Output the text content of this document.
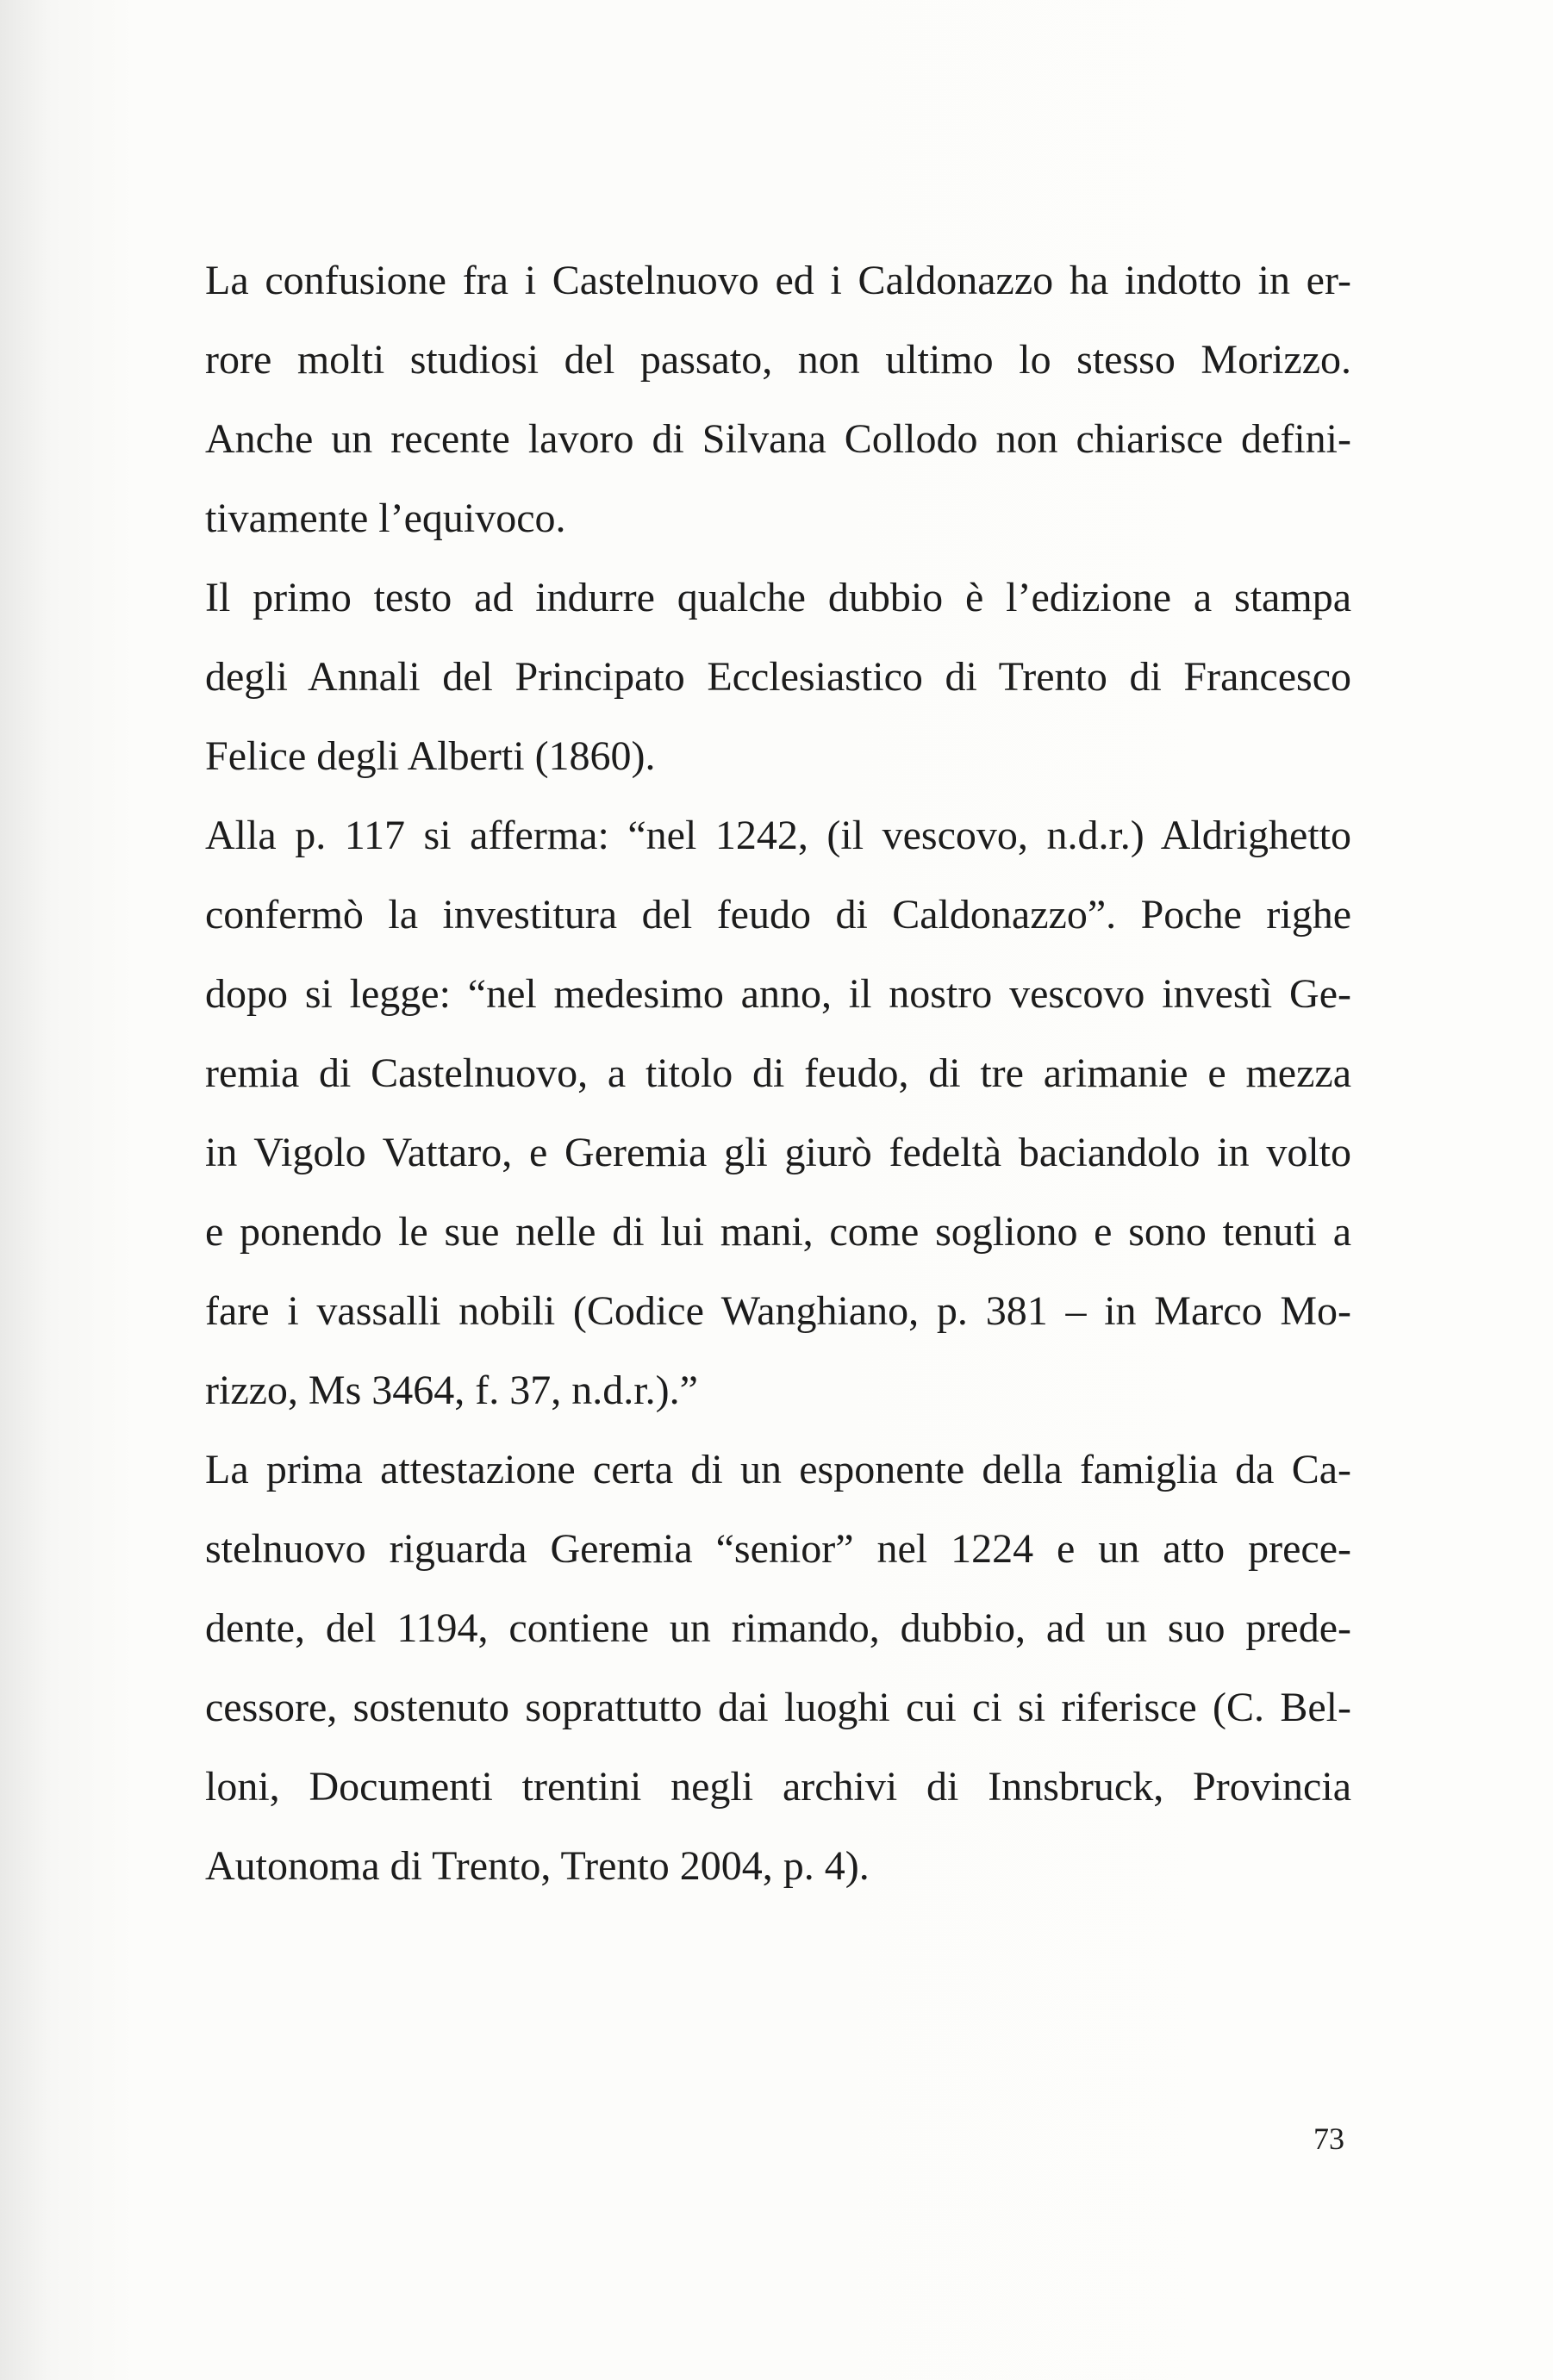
La confusione fra i Castelnuovo ed i Caldonazzo ha indotto in er-
rore molti studiosi del passato, non ultimo lo stesso Morizzo.
Anche un recente lavoro di Silvana Collodo non chiarisce defini-
tivamente l’equivoco.
Il primo testo ad indurre qualche dubbio è l’edizione a stampa
degli Annali del Principato Ecclesiastico di Trento di Francesco
Felice degli Alberti (1860).
Alla p. 117 si afferma: “nel 1242, (il vescovo, n.d.r.) Aldrighetto
confermò la investitura del feudo di Caldonazzo”. Poche righe
dopo si legge: “nel medesimo anno, il nostro vescovo investì Ge-
remia di Castelnuovo, a titolo di feudo, di tre arimanie e mezza
in Vigolo Vattaro, e Geremia gli giurò fedeltà baciandolo in volto
e ponendo le sue nelle di lui mani, come sogliono e sono tenuti a
fare i vassalli nobili (Codice Wanghiano, p. 381 – in Marco Mo-
rizzo, Ms 3464, f. 37, n.d.r.).”
La prima attestazione certa di un esponente della famiglia da Ca-
stelnuovo riguarda Geremia “senior” nel 1224 e un atto prece-
dente, del 1194, contiene un rimando, dubbio, ad un suo prede-
cessore, sostenuto soprattutto dai luoghi cui ci si riferisce (C. Bel-
loni, Documenti trentini negli archivi di Innsbruck, Provincia
Autonoma di Trento, Trento 2004, p. 4).
73
